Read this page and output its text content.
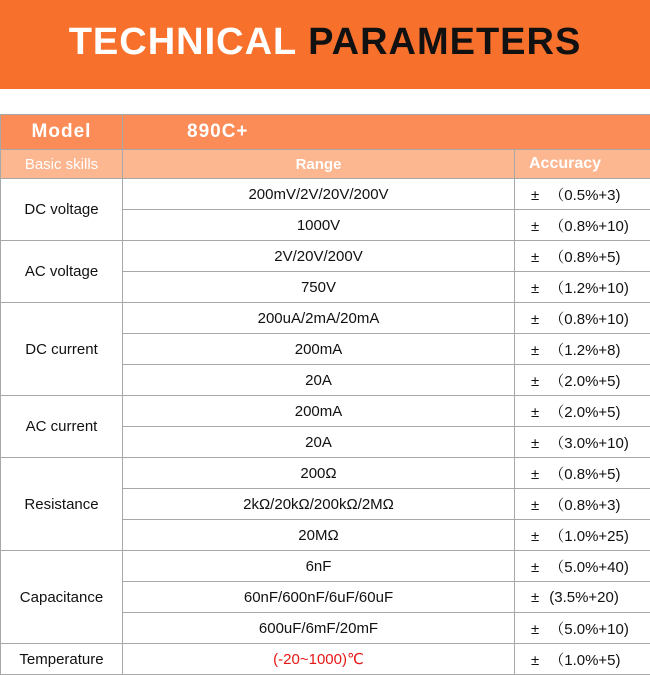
TECHNICAL PARAMETERS
Model	890C+	
Basic skills	Range	Accuracy
DC voltage	200mV/2V/20V/200V	± （0.5%+3)
	1000V	± （0.8%+10)
AC voltage	2V/20V/200V	± （0.8%+5)
	750V	± （1.2%+10)
DC current	200uA/2mA/20mA	± （0.8%+10)
	200mA	± （1.2%+8)
	20A	± （2.0%+5)
AC current	200mA	± （2.0%+5)
	20A	± （3.0%+10)
Resistance	200Ω	± （0.8%+5)
	2kΩ/20kΩ/200kΩ/2MΩ	± （0.8%+3)
	20MΩ	± （1.0%+25)
Capacitance	6nF	± （5.0%+40)
	60nF/600nF/6uF/60uF	± (3.5%+20)
	600uF/6mF/20mF	± （5.0%+10)
Temperature	(-20~1000)℃	± （1.0%+5)
